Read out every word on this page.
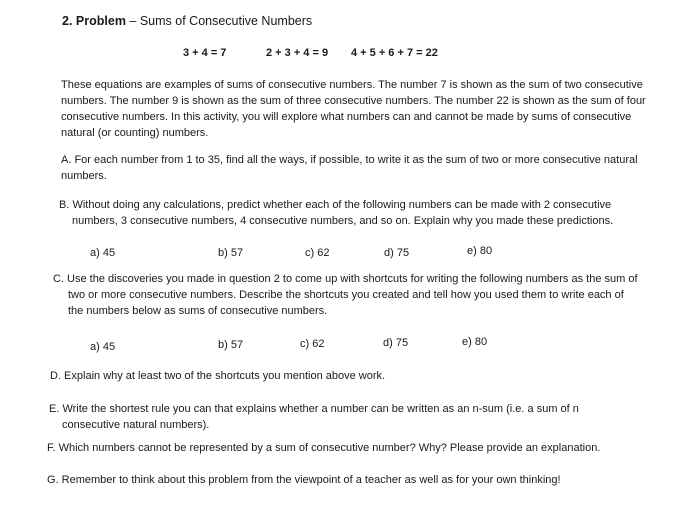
2. Problem – Sums of Consecutive Numbers
3 + 4 = 7	2 + 3 + 4 = 9 4 + 5 + 6 + 7 = 22
These equations are examples of sums of consecutive numbers. The number 7 is shown as the sum of two consecutive
numbers. The number 9 is shown as the sum of three consecutive numbers. The number 22 is shown as the sum of four
consecutive numbers. In this activity, you will explore what numbers can and cannot be made by sums of consecutive
natural (or counting) numbers.
A. For each number from 1 to 35, find all the ways, if possible, to write it as the sum of two or more consecutive natural
numbers.
B. Without doing any calculations, predict whether each of the following numbers can be made with 2 consecutive
numbers, 3 consecutive numbers, 4 consecutive numbers, and so on. Explain why you made these predictions.
a) 45	b) 57	c) 62	d) 75	e) 80
C. Use the discoveries you made in question 2 to come up with shortcuts for writing the following numbers as the sum of
two or more consecutive numbers. Describe the shortcuts you created and tell how you used them to write each of
the numbers below as sums of consecutive numbers.
a) 45	b) 57	c) 62	d) 75	e) 80
D. Explain why at least two of the shortcuts you mention above work.
E. Write the shortest rule you can that explains whether a number can be written as an n-sum (i.e. a sum of n
consecutive natural numbers).
F. Which numbers cannot be represented by a sum of consecutive number? Why? Please provide an explanation.
G. Remember to think about this problem from the viewpoint of a teacher as well as for your own thinking!
